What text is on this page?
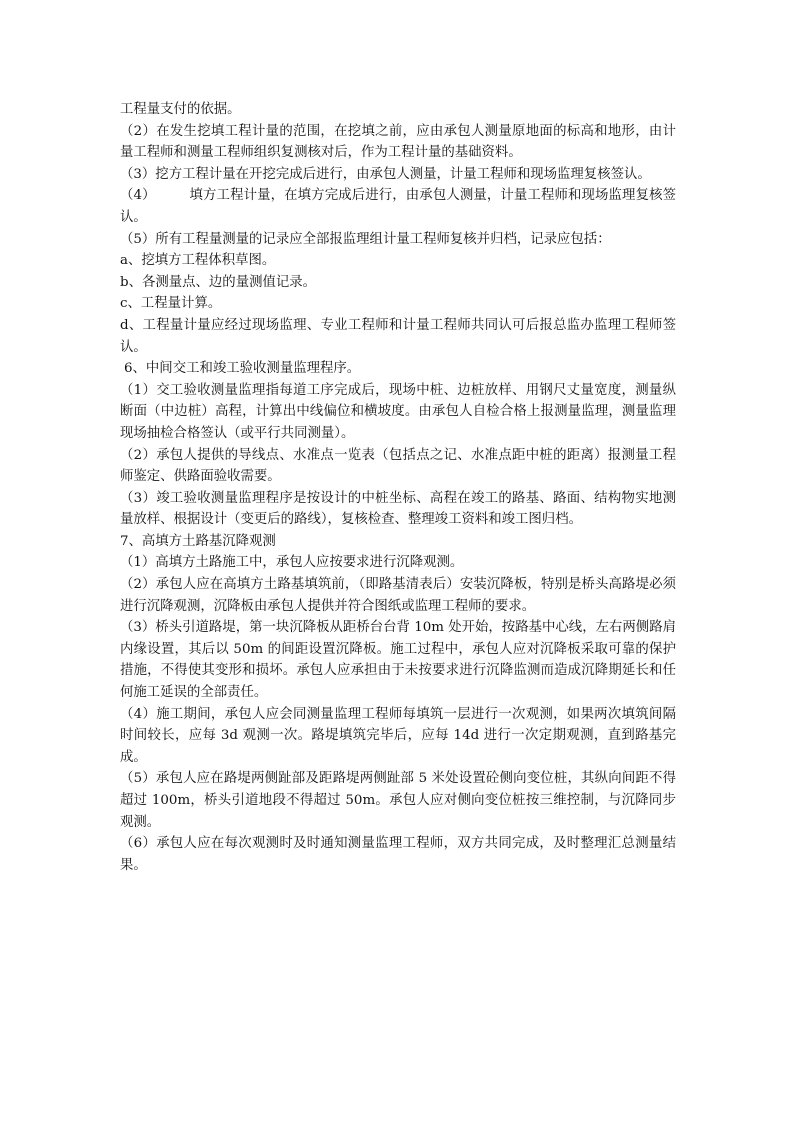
工程量支付的依据。

（2）在发生挖填工程计量的范围，在挖填之前，应由承包人测量原地面的标高和地形，由计量工程师和测量工程师组织复测核对后，作为工程计量的基础资料。

（3）挖方工程计量在开挖完成后进行，由承包人测量，计量工程师和现场监理复核签认。

（4）　　　填方工程计量，在填方完成后进行，由承包人测量，计量工程师和现场监理复核签认。

（5）所有工程量测量的记录应全部报监理组计量工程师复核并归档，记录应包括：

a、挖填方工程体积草图。

b、各测量点、边的量测值记录。

c、工程量计算。

d、工程量计量应经过现场监理、专业工程师和计量工程师共同认可后报总监办监理工程师签认。

6、中间交工和竣工验收测量监理程序。

（1）交工验收测量监理指每道工序完成后，现场中桩、边桩放样、用钢尺丈量宽度，测量纵断面（中边桩）高程，计算出中线偏位和横坡度。由承包人自检合格上报测量监理，测量监理现场抽检合格签认（或平行共同测量）。

（2）承包人提供的导线点、水准点一览表（包括点之记、水准点距中桩的距离）报测量工程师鉴定、供路面验收需要。

（3）竣工验收测量监理程序是按设计的中桩坐标、高程在竣工的路基、路面、结构物实地测量放样、根据设计（变更后的路线），复核检查、整理竣工资料和竣工图归档。

7、高填方土路基沉降观测

（1）高填方土路施工中，承包人应按要求进行沉降观测。

（2）承包人应在高填方土路基填筑前，（即路基清表后）安装沉降板，特别是桥头高路堤必须进行沉降观测，沉降板由承包人提供并符合图纸或监理工程师的要求。

（3）桥头引道路堤，第一块沉降板从距桥台台背 10m 处开始，按路基中心线，左右两侧路肩内缘设置，其后以 50m 的间距设置沉降板。施工过程中，承包人应对沉降板采取可靠的保护措施，不得使其变形和损坏。承包人应承担由于未按要求进行沉降监测而造成沉降期延长和任何施工延误的全部责任。

（4）施工期间，承包人应会同测量监理工程师每填筑一层进行一次观测，如果两次填筑间隔时间较长，应每 3d 观测一次。路堤填筑完毕后，应每 14d 进行一次定期观测，直到路基完成。

（5）承包人应在路堤两侧趾部及距路堤两侧趾部 5 米处设置砼侧向变位桩，其纵向间距不得超过 100m，桥头引道地段不得超过 50m。承包人应对侧向变位桩按三维控制，与沉降同步观测。

（6）承包人应在每次观测时及时通知测量监理工程师，双方共同完成，及时整理汇总测量结果。
